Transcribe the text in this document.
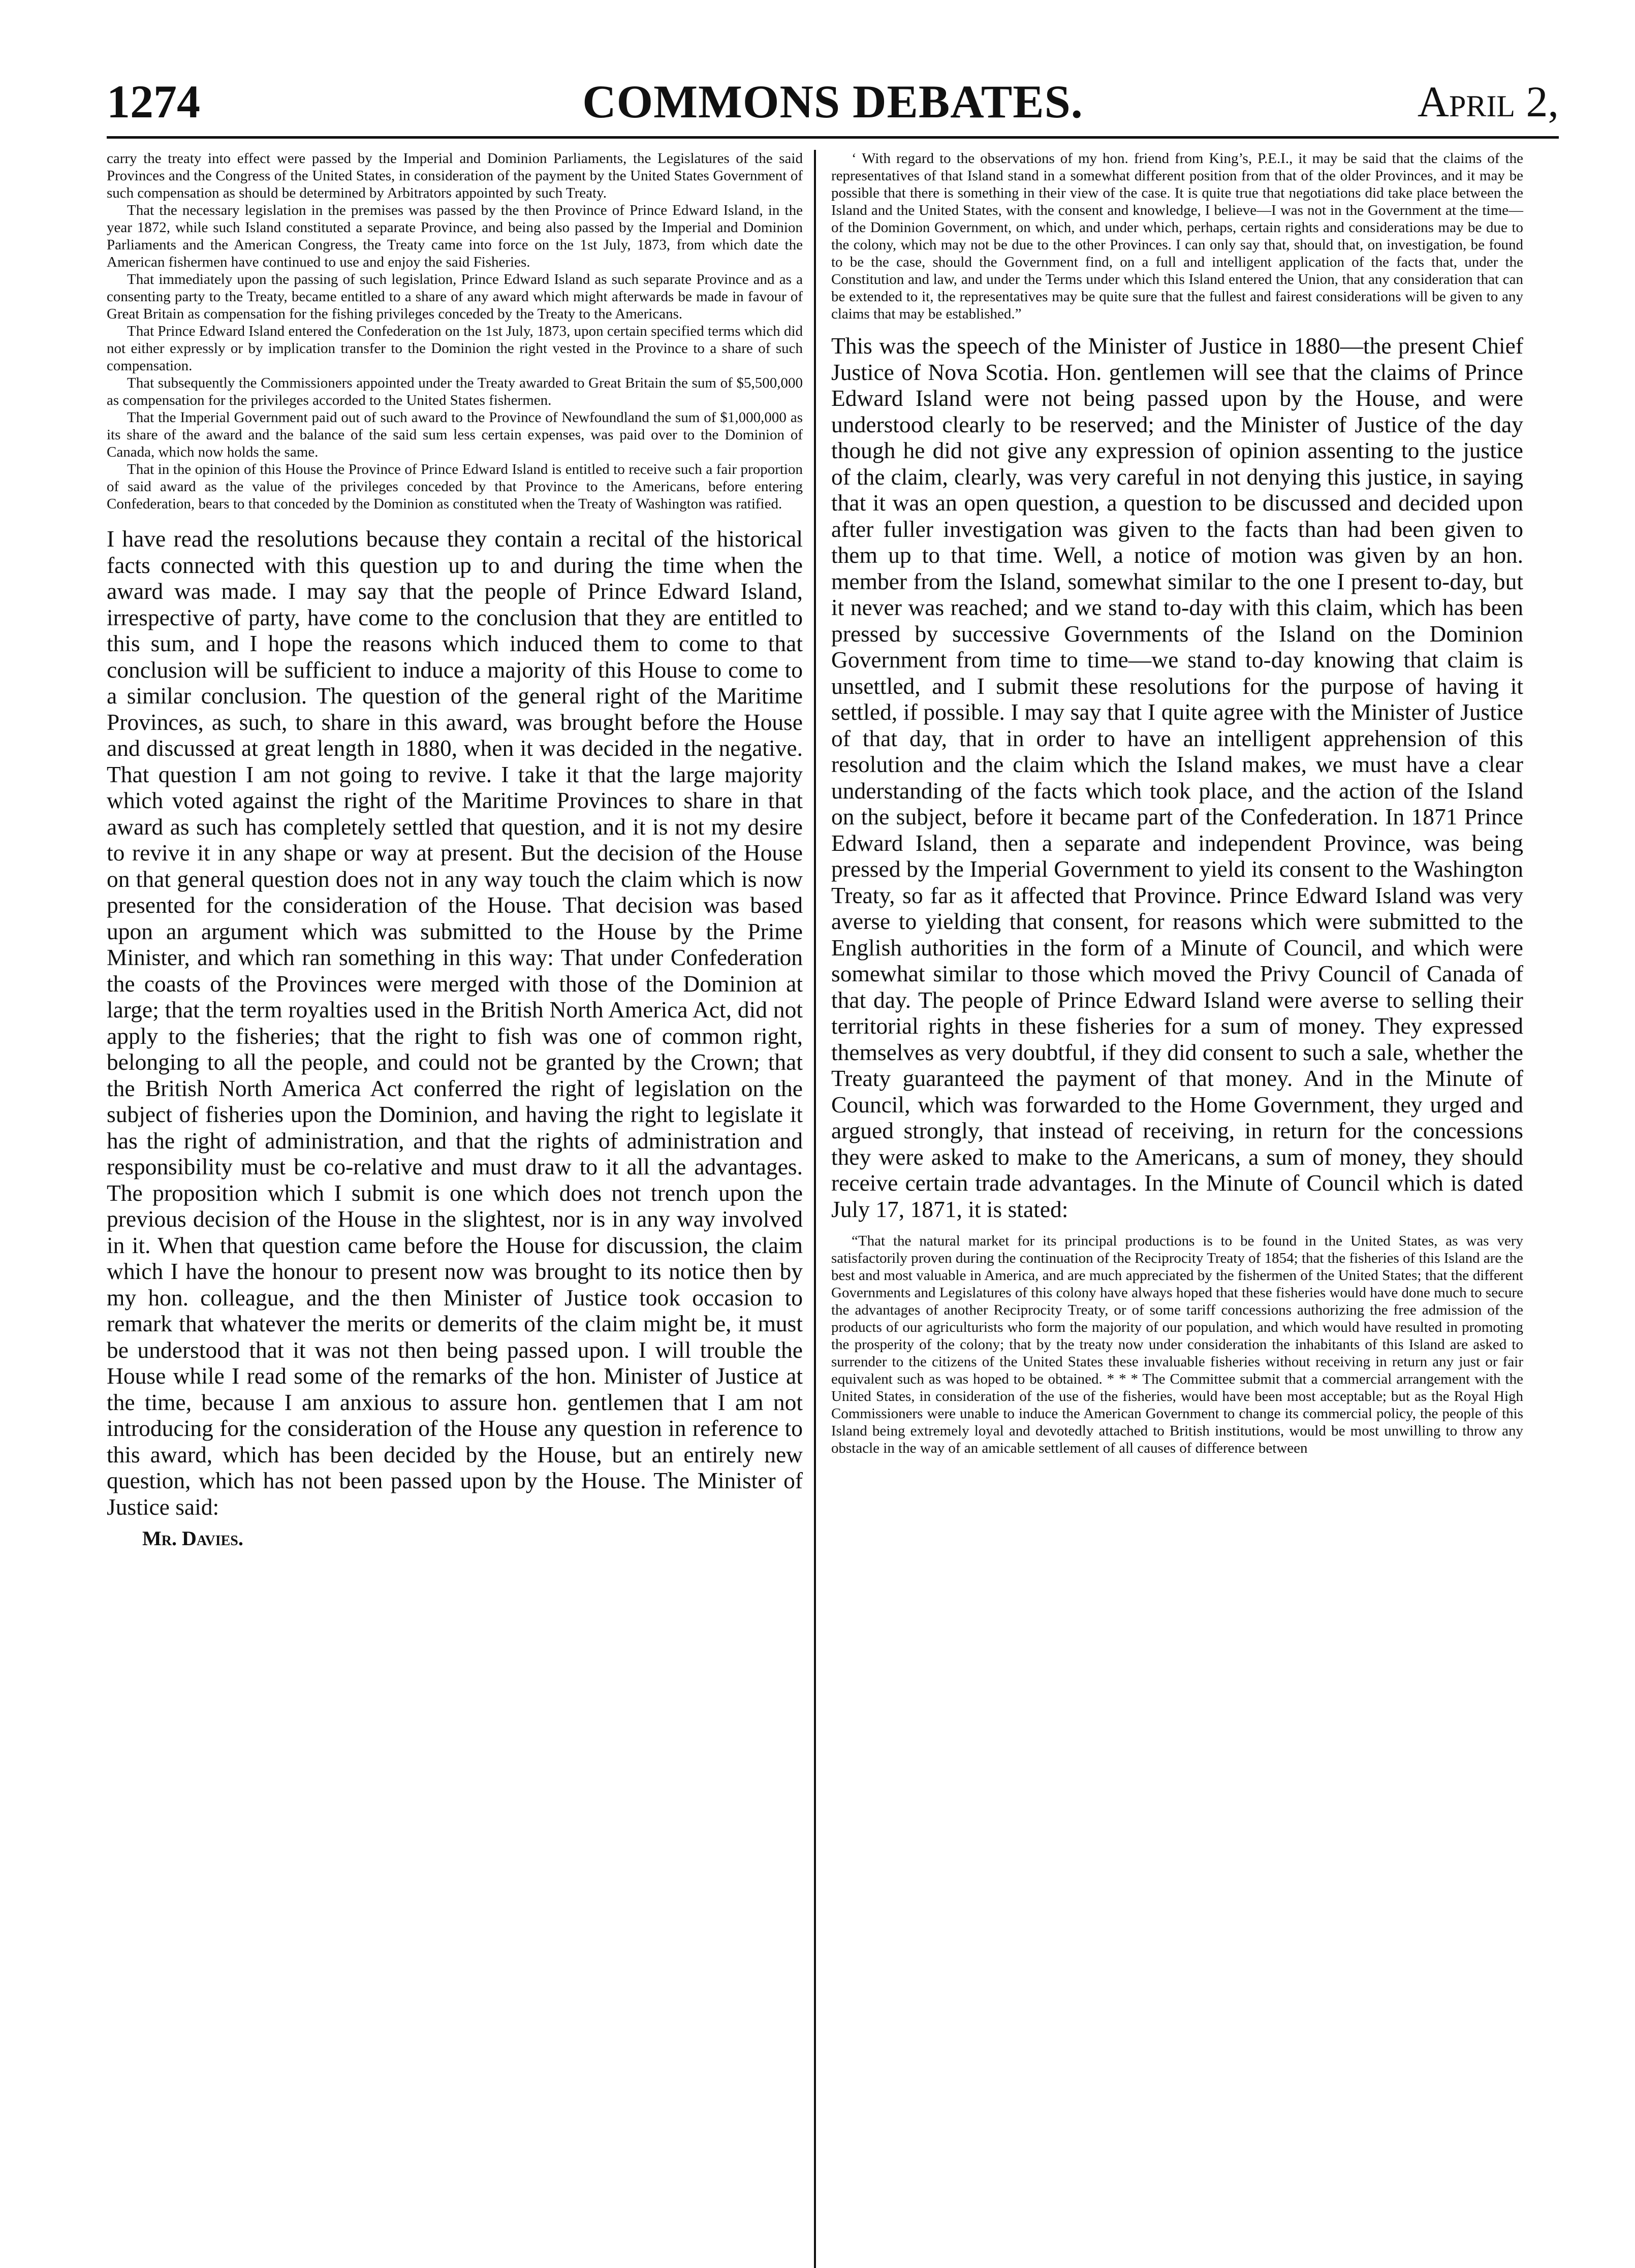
1274	COMMONS DEBATES.	April 2,

carry the treaty into effect were passed by the Imperial and Dominion Parliaments, the Legislatures of the said Provinces and the Congress of the United States, in consideration of the payment by the United States Government of such compensation as should be determined by Arbitrators appointed by such Treaty.

That the necessary legislation in the premises was passed by the then Province of Prince Edward Island, in the year 1872, while such Island constituted a separate Province, and being also passed by the Imperial and Dominion Parliaments and the American Congress, the Treaty came into force on the 1st July, 1873, from which date the American fishermen have continued to use and enjoy the said Fisheries.

That immediately upon the passing of such legislation, Prince Edward Island as such separate Province and as a consenting party to the Treaty, became entitled to a share of any award which might afterwards be made in favour of Great Britain as compensation for the fishing privileges conceded by the Treaty to the Americans.

That Prince Edward Island entered the Confederation on the 1st July, 1873, upon certain specified terms which did not either expressly or by implication transfer to the Dominion the right vested in the Province to a share of such compensation.

That subsequently the Commissioners appointed under the Treaty awarded to Great Britain the sum of $5,500,000 as compensation for the privileges accorded to the United States fishermen.

That the Imperial Government paid out of such award to the Province of Newfoundland the sum of $1,000,000 as its share of the award and the balance of the said sum less certain expenses, was paid over to the Dominion of Canada, which now holds the same.

That in the opinion of this House the Province of Prince Edward Island is entitled to receive such a fair proportion of said award as the value of the privileges conceded by that Province to the Americans, before entering Confederation, bears to that conceded by the Dominion as constituted when the Treaty of Washington was ratified.

I have read the resolutions because they contain a recital of the historical facts connected with this question up to and during the time when the award was made. I may say that the people of Prince Edward Island, irrespective of party, have come to the conclusion that they are entitled to this sum, and I hope the reasons which induced them to come to that conclusion will be sufficient to induce a majority of this House to come to a similar conclusion. The question of the general right of the Maritime Provinces, as such, to share in this award, was brought before the House and discussed at great length in 1880, when it was decided in the negative. That question I am not going to revive. I take it that the large majority which voted against the right of the Maritime Provinces to share in that award as such has completely settled that question, and it is not my desire to revive it in any shape or way at present. But the decision of the House on that general question does not in any way touch the claim which is now presented for the consideration of the House. That decision was based upon an argument which was submitted to the House by the Prime Minister, and which ran something in this way: That under Confederation the coasts of the Provinces were merged with those of the Dominion at large; that the term royalties used in the British North America Act, did not apply to the fisheries; that the right to fish was one of common right, belonging to all the people, and could not be granted by the Crown; that the British North America Act conferred the right of legislation on the subject of fisheries upon the Dominion, and having the right to legislate it has the right of administration, and that the rights of administration and responsibility must be co-relative and must draw to it all the advantages. The proposition which I submit is one which does not trench upon the previous decision of the House in the slightest, nor is in any way involved in it. When that question came before the House for discussion, the claim which I have the honour to present now was brought to its notice then by my hon. colleague, and the then Minister of Justice took occasion to remark that whatever the merits or demerits of the claim might be, it must be understood that it was not then being passed upon. I will trouble the House while I read some of the remarks of the hon. Minister of Justice at the time, because I am anxious to assure hon. gentlemen that I am not introducing for the consideration of the House any question in reference to this award, which has been decided by the House, but an entirely new question, which has not been passed upon by the House. The Minister of Justice said:

Mr. Davies.

‘ With regard to the observations of my hon. friend from King’s, P.E.I., it may be said that the claims of the representatives of that Island stand in a somewhat different position from that of the older Provinces, and it may be possible that there is something in their view of the case. It is quite true that negotiations did take place between the Island and the United States, with the consent and knowledge, I believe—I was not in the Government at the time—of the Dominion Government, on which, and under which, perhaps, certain rights and considerations may be due to the colony, which may not be due to the other Provinces. I can only say that, should that, on investigation, be found to be the case, should the Government find, on a full and intelligent application of the facts that, under the Constitution and law, and under the Terms under which this Island entered the Union, that any consideration that can be extended to it, the representatives may be quite sure that the fullest and fairest considerations will be given to any claims that may be established.”

This was the speech of the Minister of Justice in 1880—the present Chief Justice of Nova Scotia. Hon. gentlemen will see that the claims of Prince Edward Island were not being passed upon by the House, and were understood clearly to be reserved; and the Minister of Justice of the day though he did not give any expression of opinion assenting to the justice of the claim, clearly, was very careful in not denying this justice, in saying that it was an open question, a question to be discussed and decided upon after fuller investigation was given to the facts than had been given to them up to that time. Well, a notice of motion was given by an hon. member from the Island, somewhat similar to the one I present to-day, but it never was reached; and we stand to-day with this claim, which has been pressed by successive Governments of the Island on the Dominion Government from time to time—we stand to-day knowing that claim is unsettled, and I submit these resolutions for the purpose of having it settled, if possible. I may say that I quite agree with the Minister of Justice of that day, that in order to have an intelligent apprehension of this resolution and the claim which the Island makes, we must have a clear understanding of the facts which took place, and the action of the Island on the subject, before it became part of the Confederation. In 1871 Prince Edward Island, then a separate and independent Province, was being pressed by the Imperial Government to yield its consent to the Washington Treaty, so far as it affected that Province. Prince Edward Island was very averse to yielding that consent, for reasons which were submitted to the English authorities in the form of a Minute of Council, and which were somewhat similar to those which moved the Privy Council of Canada of that day. The people of Prince Edward Island were averse to selling their territorial rights in these fisheries for a sum of money. They expressed themselves as very doubtful, if they did consent to such a sale, whether the Treaty guaranteed the payment of that money. And in the Minute of Council, which was forwarded to the Home Government, they urged and argued strongly, that instead of receiving, in return for the concessions they were asked to make to the Americans, a sum of money, they should receive certain trade advantages. In the Minute of Council which is dated July 17, 1871, it is stated:

“That the natural market for its principal productions is to be found in the United States, as was very satisfactorily proven during the continuation of the Reciprocity Treaty of 1854; that the fisheries of this Island are the best and most valuable in America, and are much appreciated by the fishermen of the United States; that the different Governments and Legislatures of this colony have always hoped that these fisheries would have done much to secure the advantages of another Reciprocity Treaty, or of some tariff concessions authorizing the free admission of the products of our agriculturists who form the majority of our population, and which would have resulted in promoting the prosperity of the colony; that by the treaty now under consideration the inhabitants of this Island are asked to surrender to the citizens of the United States these invaluable fisheries without receiving in return any just or fair equivalent such as was hoped to be obtained. * * * The Committee submit that a commercial arrangement with the United States, in consideration of the use of the fisheries, would have been most acceptable; but as the Royal High Commissioners were unable to induce the American Government to change its commercial policy, the people of this Island being extremely loyal and devotedly attached to British institutions, would be most unwilling to throw any obstacle in the way of an amicable settlement of all causes of difference between
